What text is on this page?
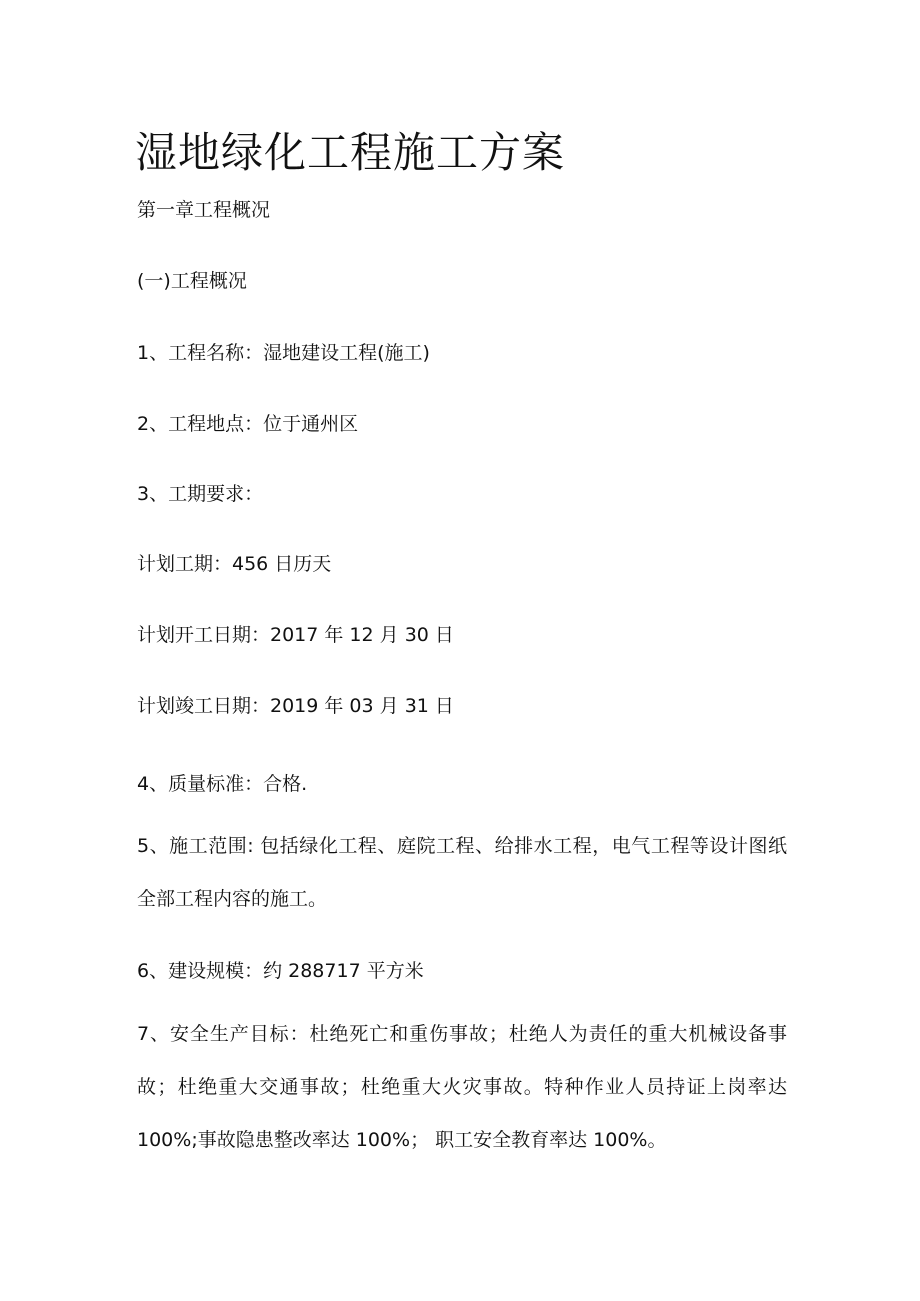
湿地绿化工程施工方案

第一章工程概况

(一)工程概况

1、工程名称：湿地建设工程(施工)

2、工程地点：位于通州区

3、工期要求：

计划工期：456 日历天

计划开工日期：2017 年 12 月 30 日

计划竣工日期：2019 年 03 月 31 日

4、质量标准：合格.

5、施工范围: 包括绿化工程、庭院工程、给排水工程，电气工程等设计图纸全部工程内容的施工。

6、建设规模：约 288717 平方米

7、安全生产目标：杜绝死亡和重伤事故；杜绝人为责任的重大机械设备事故；杜绝重大交通事故；杜绝重大火灾事故。特种作业人员持证上岗率达100%;事故隐患整改率达 100%； 职工安全教育率达 100%。
